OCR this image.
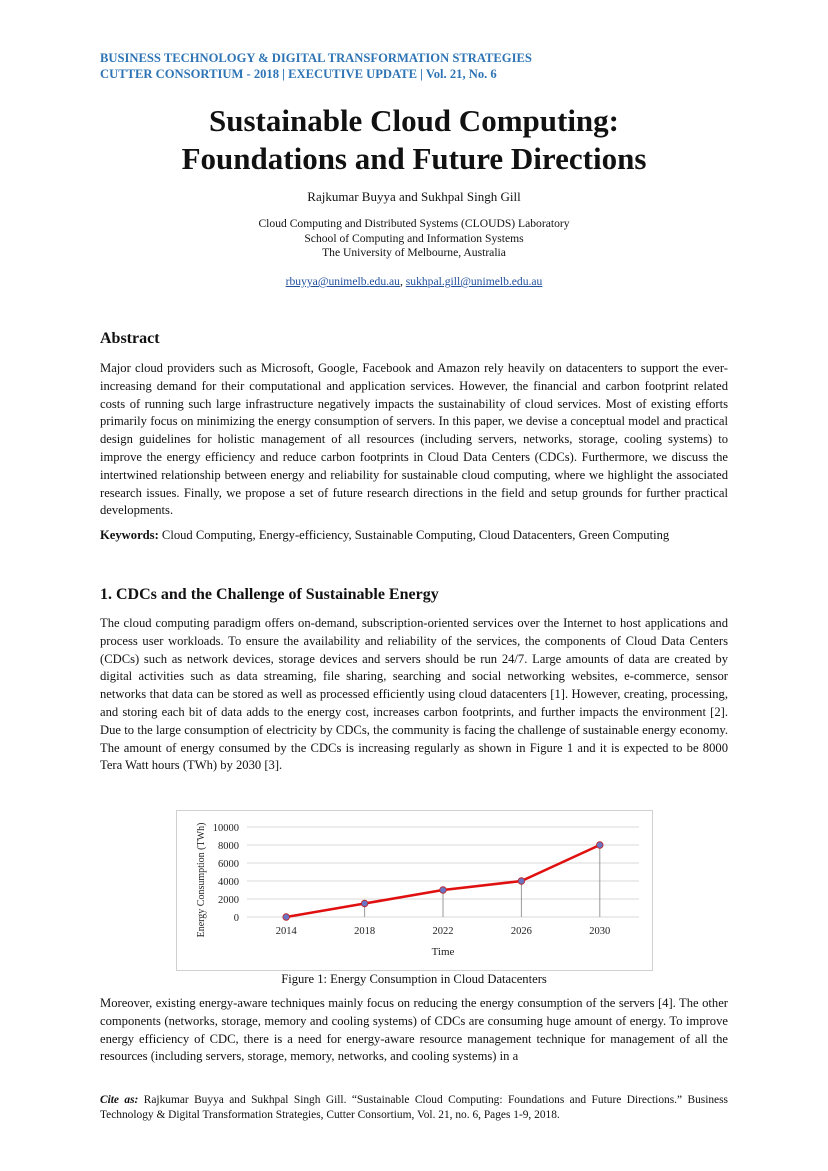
BUSINESS TECHNOLOGY & DIGITAL TRANSFORMATION STRATEGIES
CUTTER CONSORTIUM - 2018 | EXECUTIVE UPDATE | Vol. 21, No. 6
Sustainable Cloud Computing:
Foundations and Future Directions
Rajkumar Buyya and Sukhpal Singh Gill
Cloud Computing and Distributed Systems (CLOUDS) Laboratory
School of Computing and Information Systems
The University of Melbourne, Australia
rbuyya@unimelb.edu.au, sukhpal.gill@unimelb.edu.au
Abstract

Major cloud providers such as Microsoft, Google, Facebook and Amazon rely heavily on datacenters to support the ever-increasing demand for their computational and application services. However, the financial and carbon footprint related costs of running such large infrastructure negatively impacts the sustainability of cloud services. Most of existing efforts primarily focus on minimizing the energy consumption of servers. In this paper, we devise a conceptual model and practical design guidelines for holistic management of all resources (including servers, networks, storage, cooling systems) to improve the energy efficiency and reduce carbon footprints in Cloud Data Centers (CDCs). Furthermore, we discuss the intertwined relationship between energy and reliability for sustainable cloud computing, where we highlight the associated research issues. Finally, we propose a set of future research directions in the field and setup grounds for further practical developments.

Keywords: Cloud Computing, Energy-efficiency, Sustainable Computing, Cloud Datacenters, Green Computing

1. CDCs and the Challenge of Sustainable Energy

The cloud computing paradigm offers on-demand, subscription-oriented services over the Internet to host applications and process user workloads. To ensure the availability and reliability of the services, the components of Cloud Data Centers (CDCs) such as network devices, storage devices and servers should be run 24/7. Large amounts of data are created by digital activities such as data streaming, file sharing, searching and social networking websites, e-commerce, sensor networks that data can be stored as well as processed efficiently using cloud datacenters [1]. However, creating, processing, and storing each bit of data adds to the energy cost, increases carbon footprints, and further impacts the environment [2]. Due to the large consumption of electricity by CDCs, the community is facing the challenge of sustainable energy economy. The amount of energy consumed by the CDCs is increasing regularly as shown in Figure 1 and it is expected to be 8000 Tera Watt hours (TWh) by 2030 [3].

0
2000
4000
6000
8000
10000
2014	2018	2022	2026	2030
Time
Energy Consumption (TWh)
Figure 1: Energy Consumption in Cloud Datacenters

Moreover, existing energy-aware techniques mainly focus on reducing the energy consumption of the servers [4]. The other components (networks, storage, memory and cooling systems) of CDCs are consuming huge amount of energy. To improve energy efficiency of CDC, there is a need for energy-aware resource management technique for management of all the resources (including servers, storage, memory, networks, and cooling systems) in a

Cite as: Rajkumar Buyya and Sukhpal Singh Gill. “Sustainable Cloud Computing: Foundations and Future Directions.” Business Technology & Digital Transformation Strategies, Cutter Consortium, Vol. 21, no. 6, Pages 1-9, 2018.
